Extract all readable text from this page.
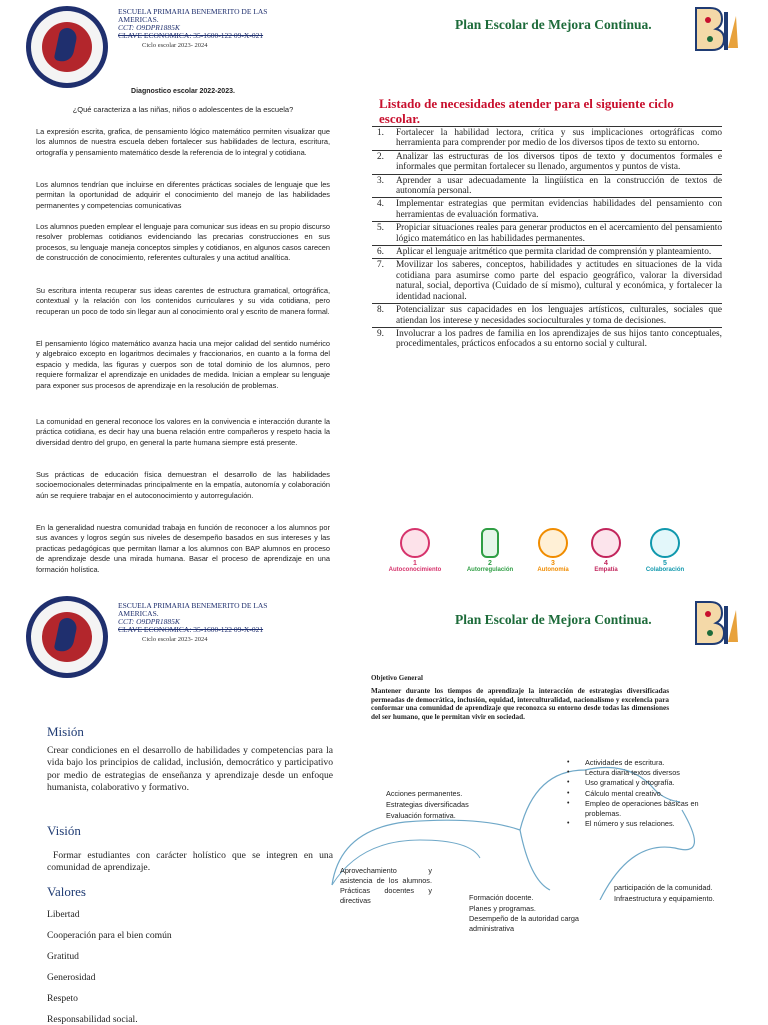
ESCUELA PRIMARIA BENEMERITO DE LAS AMERICAS.
CCT: O9DPR1885K
CLAVE ECONOMICA: 35-1600-122 09-X-021
Ciclo escolar 2023- 2024
Plan Escolar de Mejora Continua.
Diagnostico escolar 2022-2023.
¿Qué caracteriza a las niñas, niños o adolescentes de la escuela?
La expresión escrita, grafica, de pensamiento lógico matemático permiten visualizar que los alumnos de nuestra escuela deben fortalecer sus habilidades de lectura, escritura, ortografía y pensamiento matemático desde la referencia de lo integral y cotidiana.
Los alumnos tendrían que incluirse en diferentes prácticas sociales de lenguaje que les permitan la oportunidad de adquirir el conocimiento del manejo de las habilidades permanentes y competencias comunicativas
Los alumnos pueden emplear el lenguaje para comunicar sus ideas en su propio discurso resolver problemas cotidianos evidenciando las precarias construcciones en sus procesos, su lenguaje maneja conceptos simples y cotidianos, en algunos casos carecen de construcción de conocimiento, referentes culturales y una actitud analítica.
Su escritura intenta recuperar sus ideas carentes de estructura gramatical, ortográfica, contextual y la relación con los contenidos curriculares y su vida cotidiana, pero recuperan un poco de todo sin llegar aun al conocimiento oral y escrito de manera formal.
El pensamiento lógico matemático avanza hacia una mejor calidad del sentido numérico y algebraico excepto en logaritmos decimales y fraccionarios, en cuanto a la forma del espacio y medida, las figuras y cuerpos son de total dominio de los alumnos, pero requiere formalizar el aprendizaje en unidades de medida. Inician a emplear su lenguaje para exponer sus procesos de aprendizaje en la resolución de problemas.
La comunidad en general reconoce los valores en la convivencia e interacción durante la práctica cotidiana, es decir hay una buena relación entre compañeros y respeto hacia la diversidad dentro del grupo, en general la parte humana siempre está presente.
Sus prácticas de educación física demuestran el desarrollo de las habilidades socioemocionales determinadas principalmente en la empatía, autonomía y colaboración aún se requiere trabajar en el autoconocimiento y autorregulación.
En la generalidad nuestra comunidad trabaja en función de reconocer a los alumnos por sus avances y logros según sus niveles de desempeño basados en sus intereses y las practicas pedagógicas que permitan llamar a los alumnos con BAP alumnos en proceso de aprendizaje desde una mirada humana. Basar el proceso de aprendizaje en una formación holística.
Listado de necesidades atender para el siguiente ciclo escolar.
1. Fortalecer la habilidad lectora, crítica y sus implicaciones ortográficas como herramienta para comprender por medio de los diversos tipos de texto su entorno.
2. Analizar las estructuras de los diversos tipos de texto y documentos formales e informales que permitan fortalecer su llenado, argumentos y puntos de vista.
3. Aprender a usar adecuadamente la lingüística en la construcción de textos de autonomía personal.
4. Implementar estrategias que permitan evidencias habilidades del pensamiento con herramientas de evaluación formativa.
5. Propiciar situaciones reales para generar productos en el acercamiento del pensamiento lógico matemático en las habilidades permanentes.
6. Aplicar el lenguaje aritmético que permita claridad de comprensión y planteamiento.
7. Movilizar los saberes, conceptos, habilidades y actitudes en situaciones de la vida cotidiana para asumirse como parte del espacio geográfico, valorar la diversidad natural, social, deportiva (Cuidado de sí mismo), cultural y económica, y fortalecer la identidad nacional.
8. Potencializar sus capacidades en los lenguajes artísticos, culturales, sociales que atiendan los interese y necesidades socioculturales y toma de decisiones.
9. Involucrar a los padres de familia en los aprendizajes de sus hijos tanto conceptuales, procedimentales, prácticos enfocados a su entorno social y cultural.
1
Autoconocimiento
2
Autorregulación
3
Autonomía
4
Empatía
5
Colaboración
ESCUELA PRIMARIA BENEMERITO DE LAS AMERICAS.
CCT: O9DPR1885K
CLAVE ECONOMICA: 35-1600-122 09-X-021
Ciclo escolar 2023- 2024
Plan Escolar de Mejora Continua.
Misión
Crear condiciones en el desarrollo de habilidades y competencias para la vida bajo los principios de calidad, inclusión, democrático y participativo por medio de estrategias de enseñanza y aprendizaje desde un enfoque humanista, colaborativo y formativo.
Visión
Formar estudiantes con carácter holístico que se integren en una comunidad de aprendizaje.
Valores
Libertad
Cooperación para el bien común
Gratitud
Generosidad
Respeto
Responsabilidad social.
Objetivo General
Mantener durante los tiempos de aprendizaje la interacción de estrategias diversificadas permeadas de democrática, inclusión, equidad, interculturalidad, nacionalismo y excelencia para conformar una comunidad de aprendizaje que reconozca su entorno desde todas las dimensiones del ser humano, que le permitan vivir en sociedad.
Acciones permanentes.
Estrategias diversificadas
Evaluación formativa.
• Actividades de escritura.
• Lectura diaria textos diversos
• Uso gramatical y ortografía.
• Cálculo mental creativo.
• Empleo de operaciones básicas en problemas.
• El número y sus relaciones.
Aprovechamiento y asistencia de los alumnos. Prácticas docentes y directivas	Formación docente.
Planes y programas.
Desempeño de la autoridad carga administrativa
participación de la comunidad.
Infraestructura y equipamiento.
